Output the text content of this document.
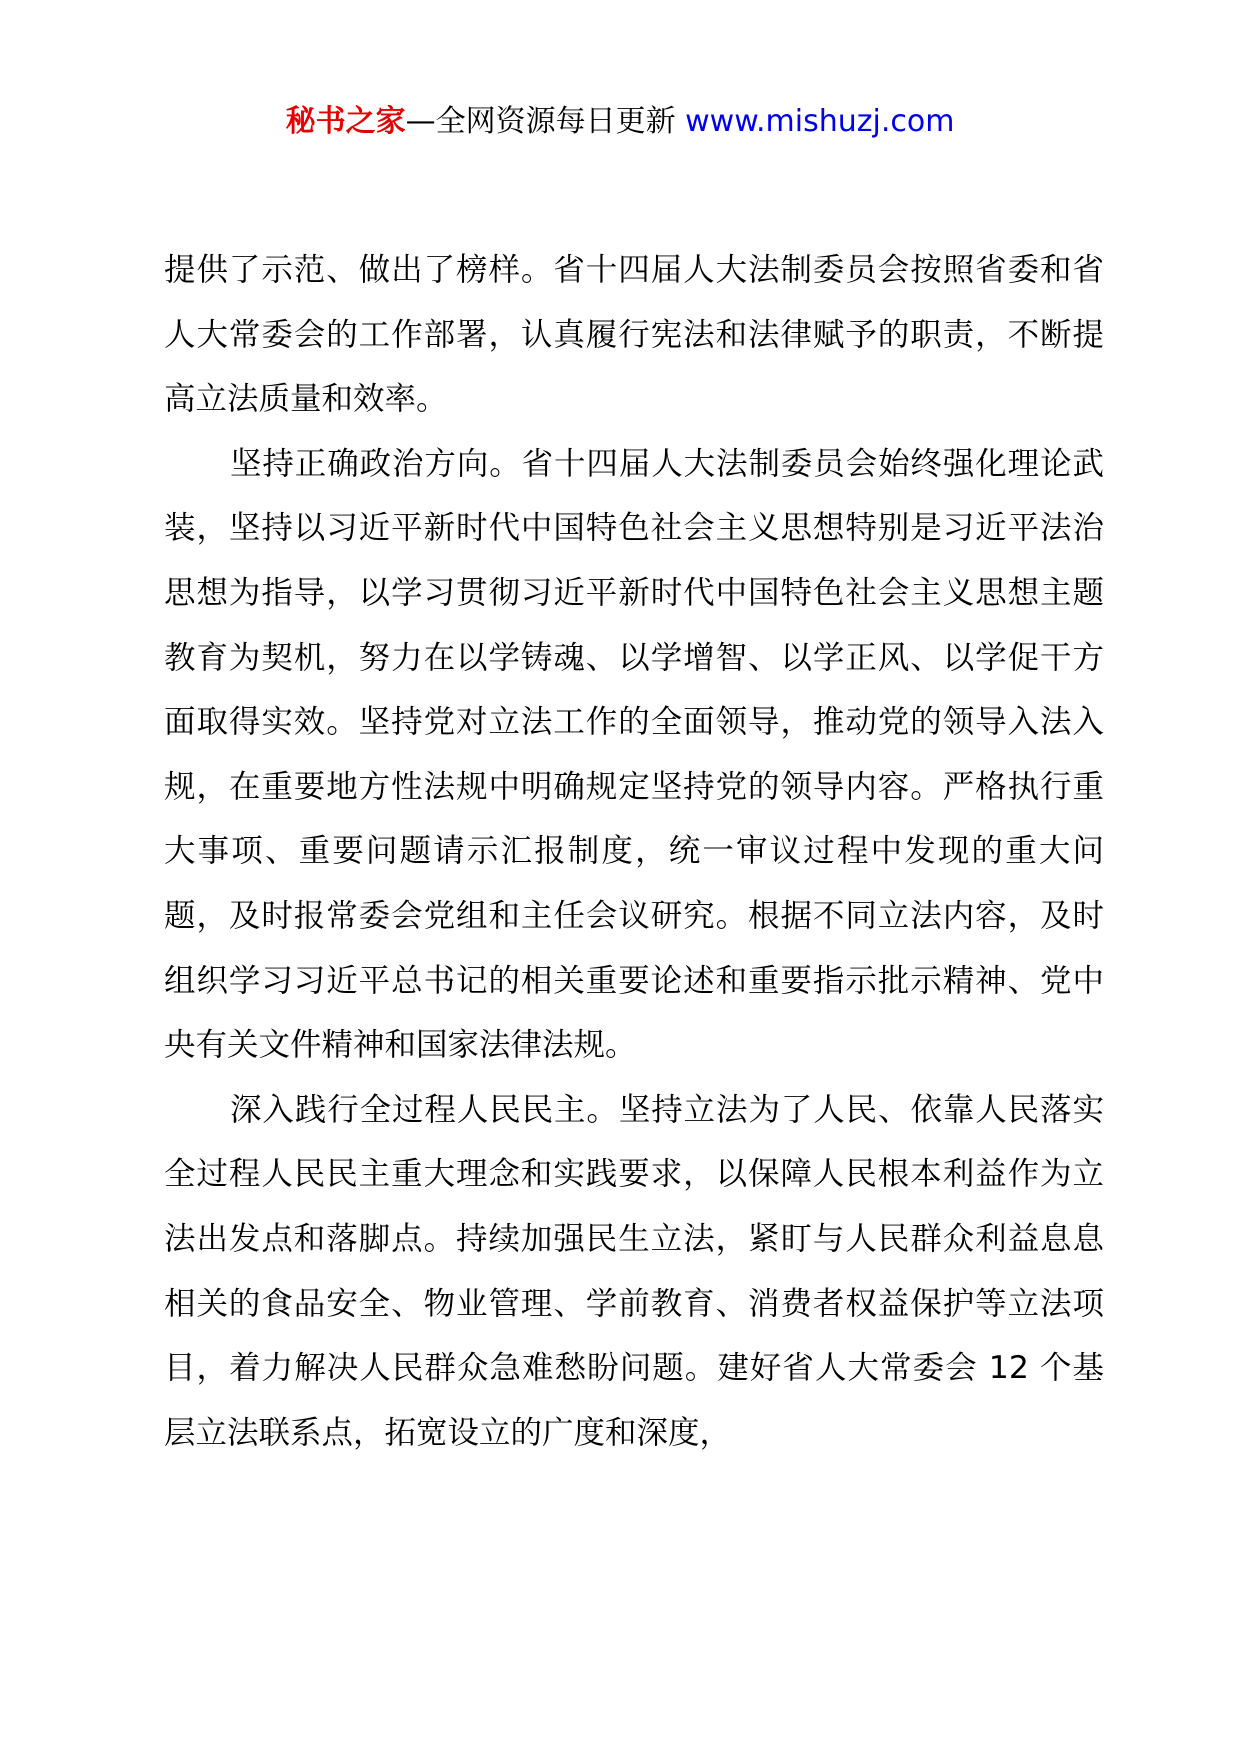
秘书之家—全网资源每日更新 www.mishuzj.com

提供了示范、做出了榜样。省十四届人大法制委员会按照省委和省人大常委会的工作部署，认真履行宪法和法律赋予的职责，不断提高立法质量和效率。

坚持正确政治方向。省十四届人大法制委员会始终强化理论武装，坚持以习近平新时代中国特色社会主义思想特别是习近平法治思想为指导，以学习贯彻习近平新时代中国特色社会主义思想主题教育为契机，努力在以学铸魂、以学增智、以学正风、以学促干方面取得实效。坚持党对立法工作的全面领导，推动党的领导入法入规，在重要地方性法规中明确规定坚持党的领导内容。严格执行重大事项、重要问题请示汇报制度，统一审议过程中发现的重大问题，及时报常委会党组和主任会议研究。根据不同立法内容，及时组织学习习近平总书记的相关重要论述和重要指示批示精神、党中央有关文件精神和国家法律法规。

深入践行全过程人民民主。坚持立法为了人民、依靠人民落实全过程人民民主重大理念和实践要求，以保障人民根本利益作为立法出发点和落脚点。持续加强民生立法，紧盯与人民群众利益息息相关的食品安全、物业管理、学前教育、消费者权益保护等立法项目，着力解决人民群众急难愁盼问题。建好省人大常委会 12 个基层立法联系点，拓宽设立的广度和深度，
